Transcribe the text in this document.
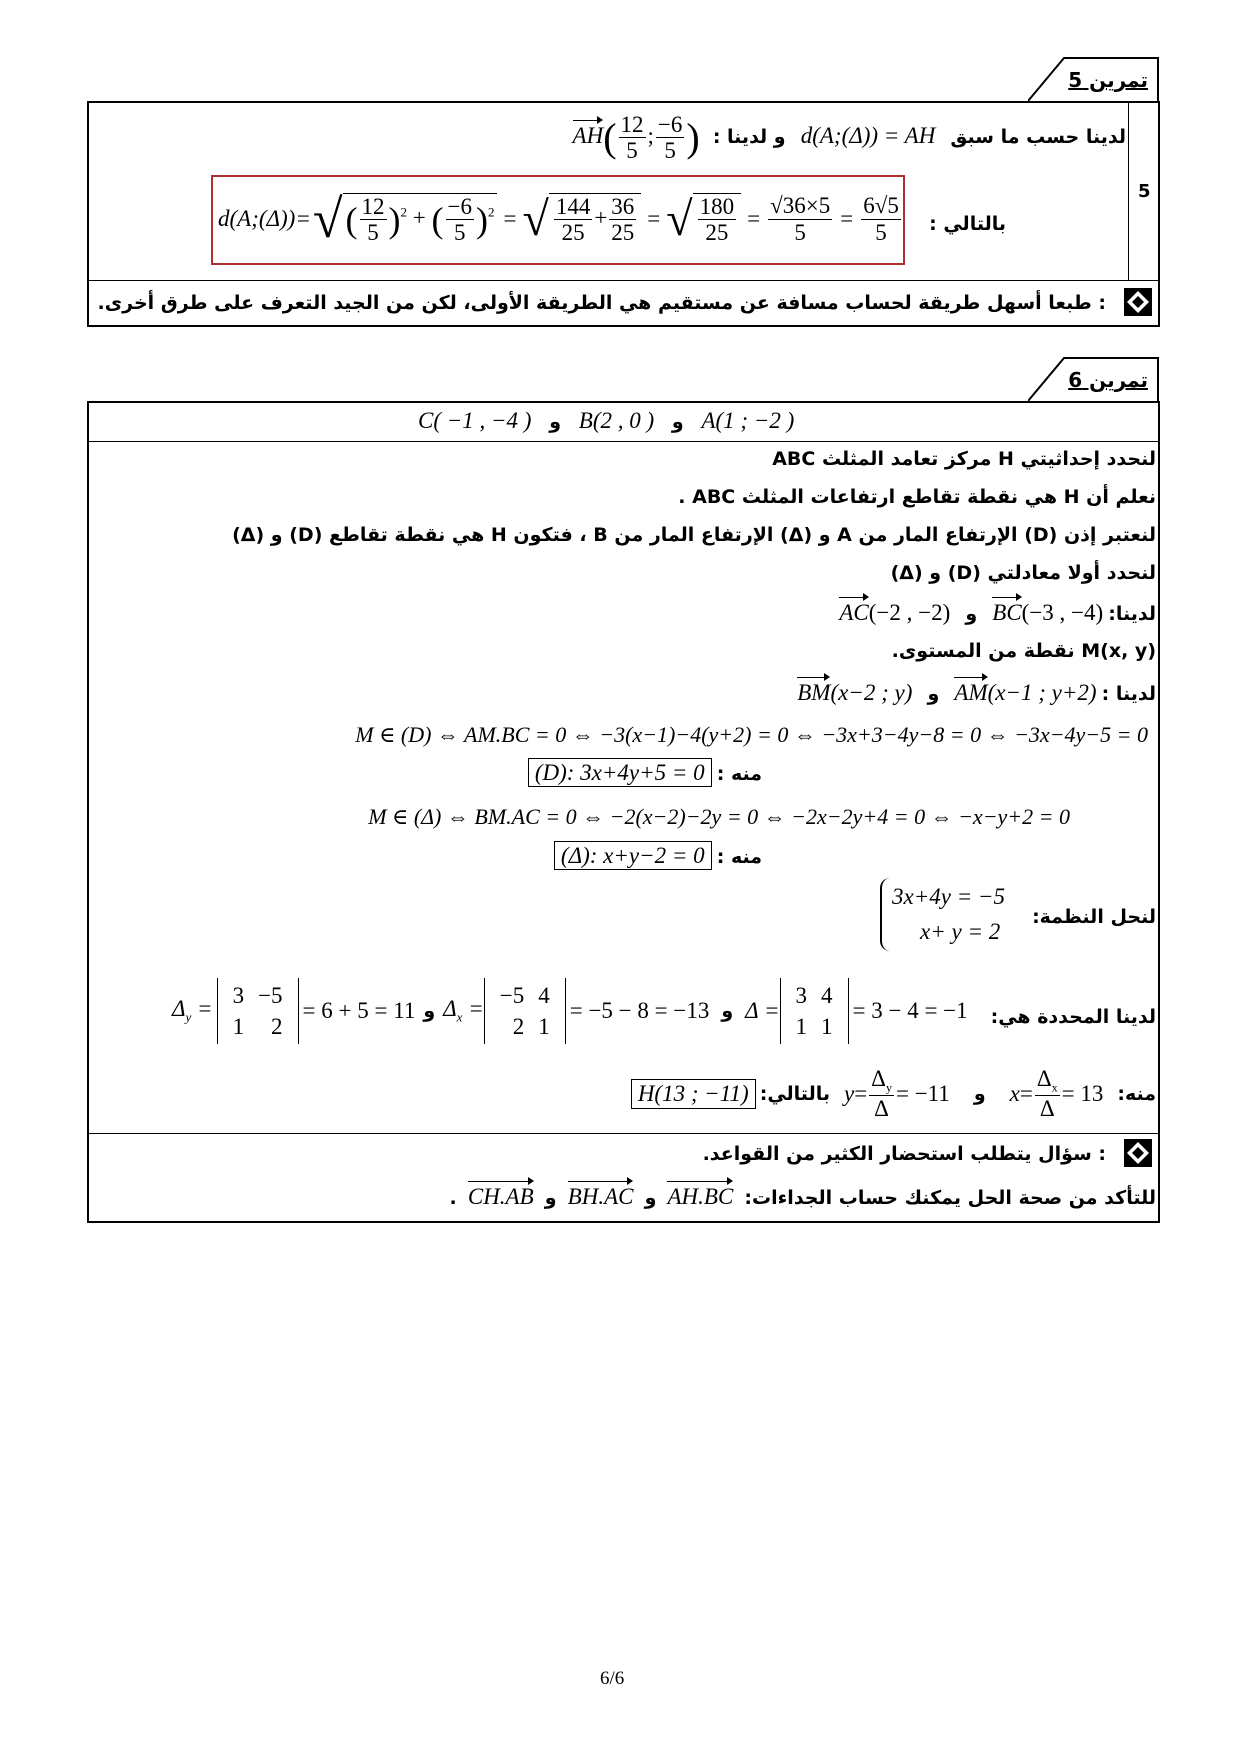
تمرين 5
5
لدينا حسب ما سبق d(A;(Δ)) = AH و لدينا : $AH( \frac{12}{5}$ ; $\frac{-6}{5}$ )
بالتالي :
d(A;(Δ))= √ ( $\frac{12}{5} )^2$ + ( $\frac{-6}{5} )^2$ = √ $\frac{144}{25} + \frac{36}{25}$ = √ $\frac{180}{25} = \frac{√36\times 5}{5} = \frac{6√5}{5}$
: طبعا أسهل طريقة لحساب مسافة عن مستقيم هي الطريقة الأولى، لكن من الجيد التعرف على طرق أخرى.
تمرين 6
C( −1 , −4 ) و B(2 , 0 ) و A(1 ; −2 )
لنحدد إحداثيتي H مركز تعامد المثلث ABC
نعلم أن H هي نقطة تقاطع ارتفاعات المثلث ABC .
لنعتبر إذن (D) الإرتفاع المار من A و (Δ) الإرتفاع المار من B ، فتكون H هي نقطة تقاطع (D) و (Δ)
لنحدد أولا معادلتي (D) و (Δ)
لدينا: BC(−3 , −4) و AC(−2 , −2)
M(x, y) نقطة من المستوى.
لدينا : AM(x−1 ; y+2) و BM(x−2 ; y)
M ∈ (D) ⇔ AM.BC = 0 ⇔ −3(x−1)−4(y+2) = 0 ⇔ −3x+3−4y−8 = 0 ⇔ −3x−4y−5 = 0
منه : (D): 3x+4y+5 = 0
M ∈ (Δ) ⇔ BM.AC = 0 ⇔ −2(x−2)−2y = 0 ⇔ −2x−2y+4 = 0 ⇔ −x−y+2 = 0
منه : (Δ): x+y−2 = 0
لنحل النظمة:
3x+4y = −5
x+ y = 2
لدينا المحددة هي:
$\Delta_y$ =
3	−5
1	2
= 6 + 5 = 11 و $\Delta_x$ =
−5	4
2	1
= −5 − 8 = −13 و Δ =
3	4
1	1
= 3 − 4 = −1
منه:
$x = \frac{\Delta_x}{\Delta} = 13$
و
$y = \frac{\Delta_y}{\Delta} = -11$
بالتالي:
H(13 ; −11)
: سؤال يتطلب استحضار الكثير من القواعد.
للتأكد من صحة الحل يمكنك حساب الجداءات: AH.BC و BH.AC و CH.AB .
6/6
